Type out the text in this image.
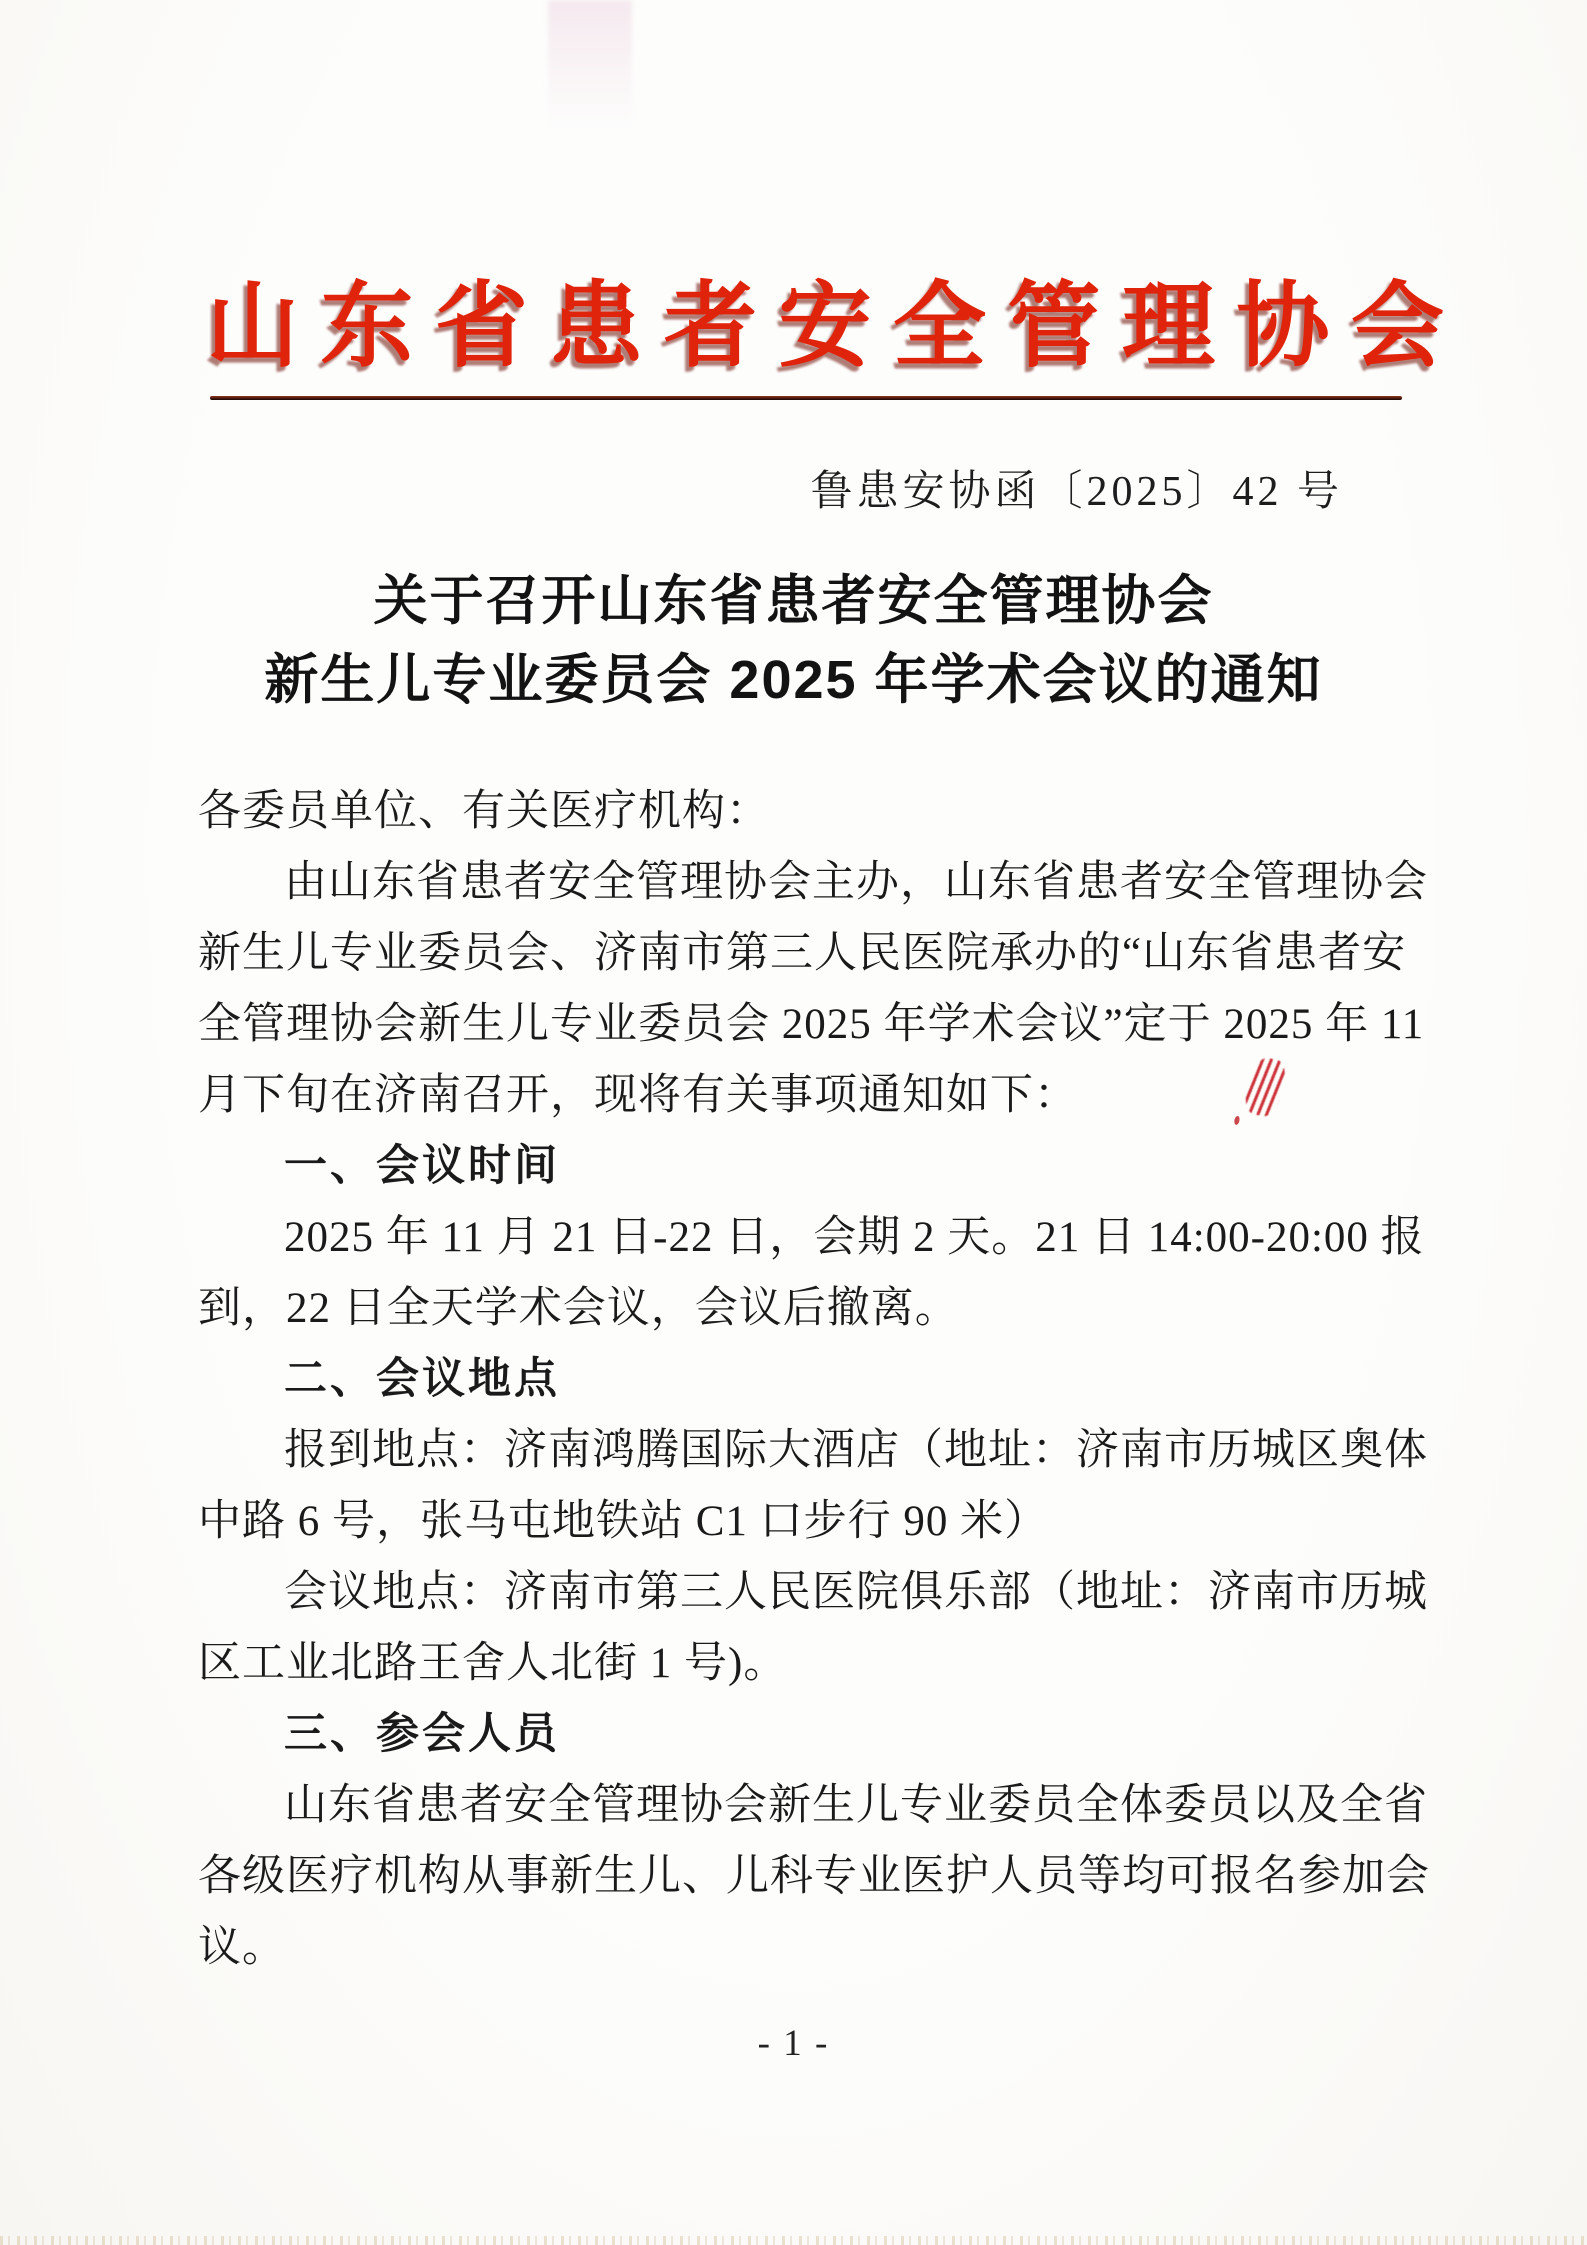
山 东 省 患 者 安 全 管 理 协 会
鲁患安协函〔2025〕42 号
关于召开山东省患者安全管理协会
新生儿专业委员会 2025 年学术会议的通知
各委员单位、有关医疗机构：
由山东省患者安全管理协会主办，山东省患者安全管理协会
新生儿专业委员会、济南市第三人民医院承办的“山东省患者安
全管理协会新生儿专业委员会 2025 年学术会议”定于 2025 年 11
月下旬在济南召开，现将有关事项通知如下：
一、会议时间
2025 年 11 月 21 日-22 日，会期 2 天。21 日 14:00-20:00 报
到，22 日全天学术会议，会议后撤离。
二、会议地点
报到地点：济南鸿腾国际大酒店（地址：济南市历城区奥体
中路 6 号，张马屯地铁站 C1 口步行 90 米）
会议地点：济南市第三人民医院俱乐部（地址：济南市历城
区工业北路王舍人北街 1 号)。
三、参会人员
山东省患者安全管理协会新生儿专业委员全体委员以及全省
各级医疗机构从事新生儿、儿科专业医护人员等均可报名参加会
议。
- 1 -
